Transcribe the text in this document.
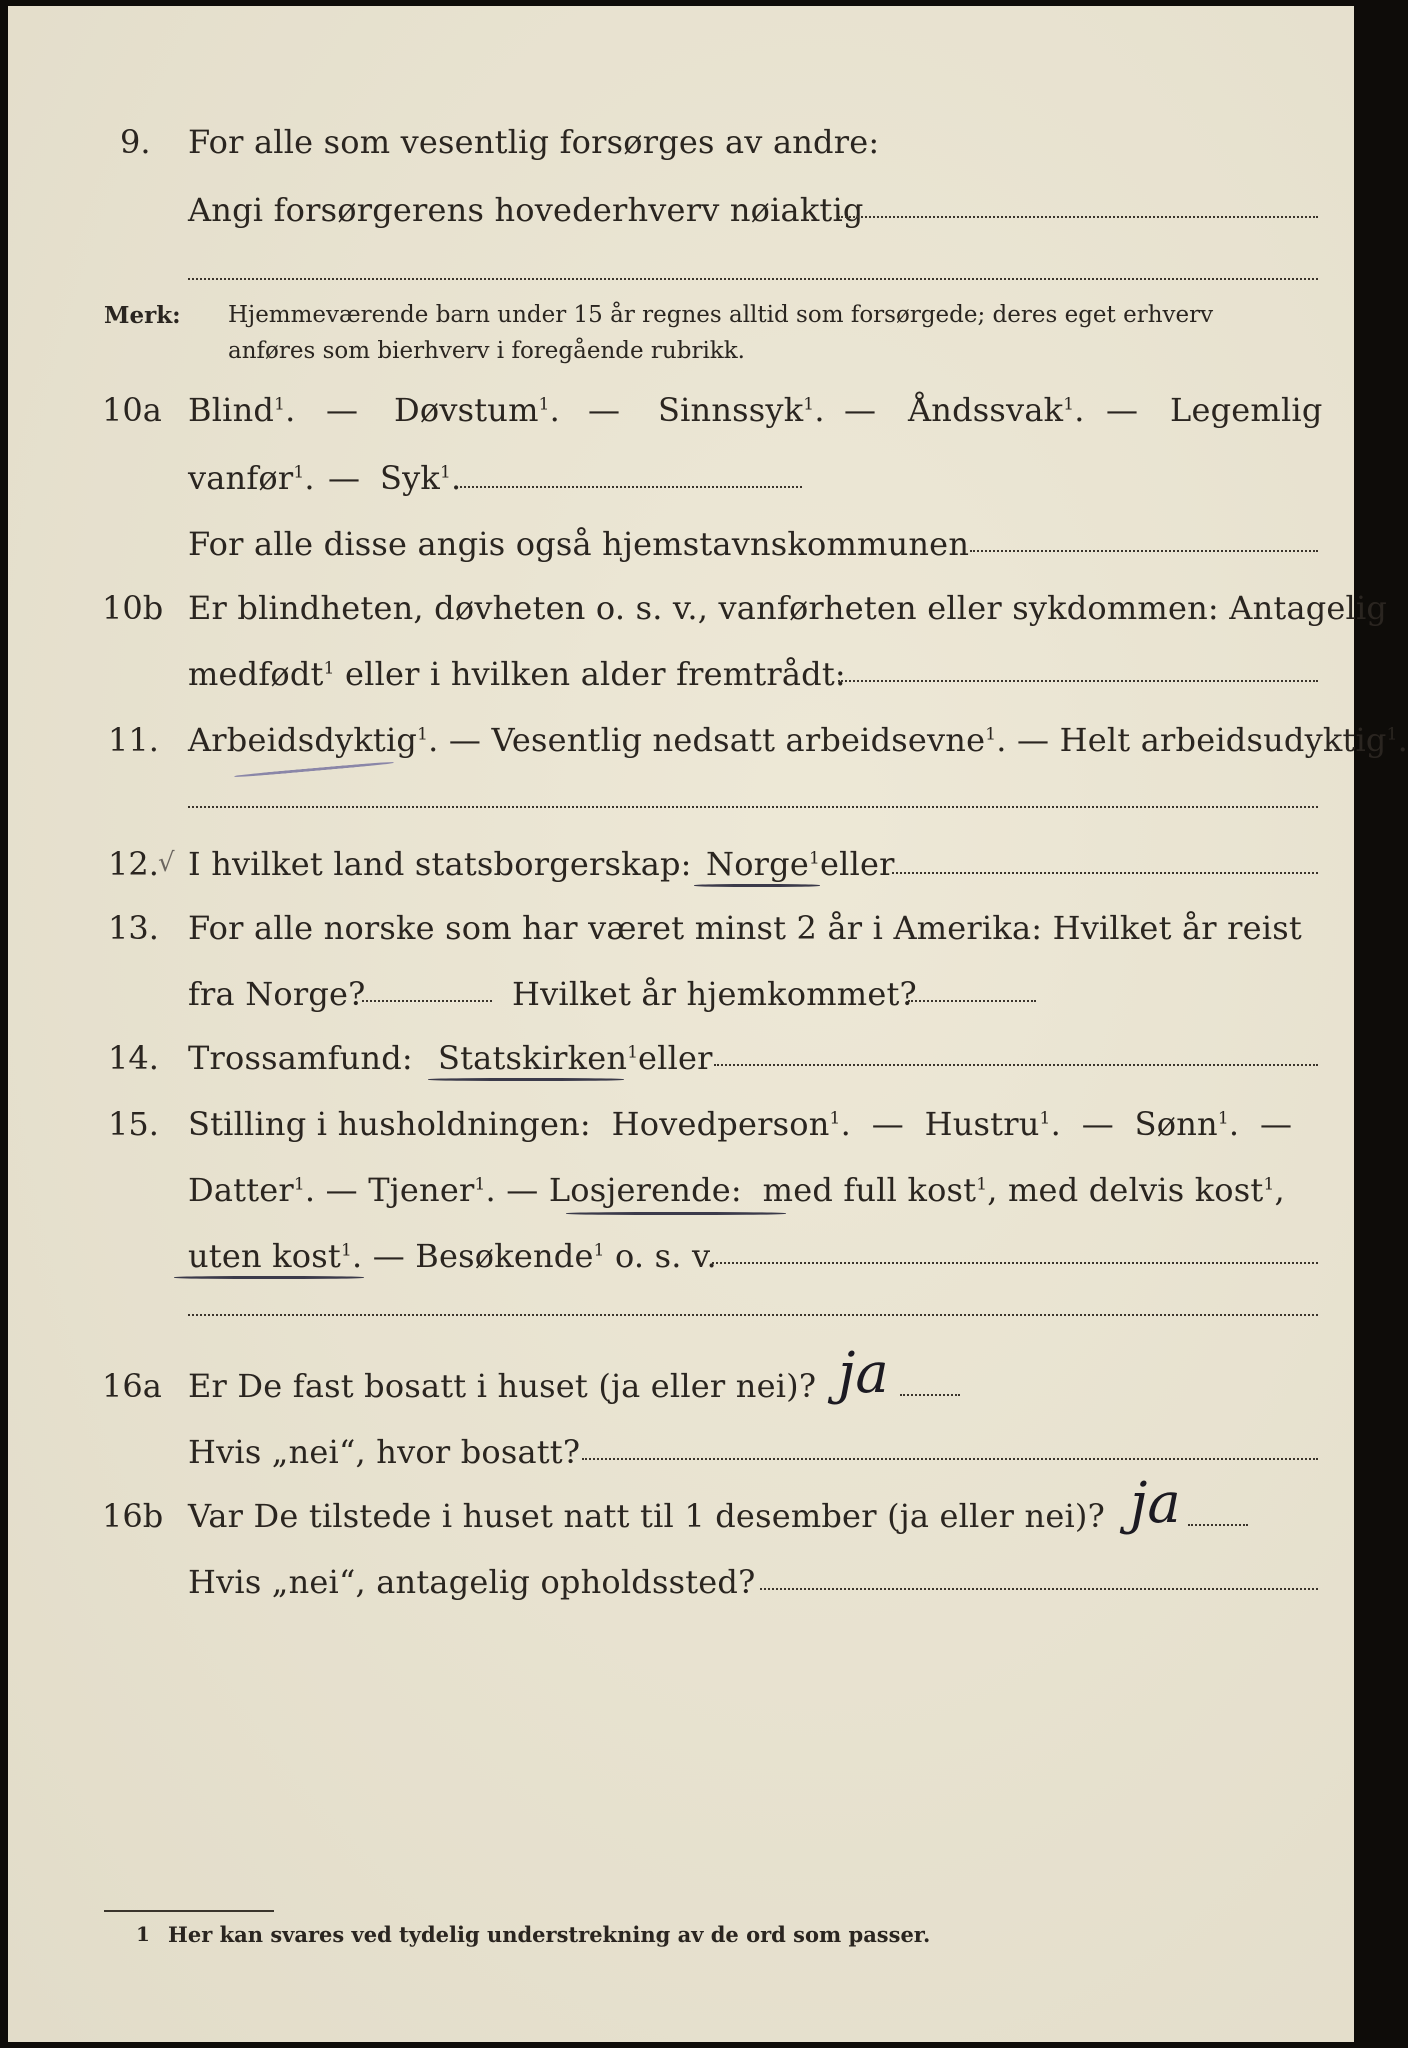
9. For alle som vesentlig forsørges av andre:
Angi forsørgerens hovederhverv nøiaktig
Merk: Hjemmeværende barn under 15 år regnes alltid som forsørgede; deres eget erhverv
anføres som bierhverv i foregående rubrikk.
10a Blind$^1$. — Døvstum$^1$. — Sinnssyk$^1$. — Åndssvak$^1$. — Legemlig
vanfør$^1$. — Syk$^1$.
For alle disse angis også hjemstavnskommunen
10b Er blindheten, døvheten o. s. v., vanførheten eller sykdommen: Antagelig
medfødt$^1$ eller i hvilken alder fremtrådt:
11. Arbeidsdyktig$^1$. — Vesentlig nedsatt arbeidsevne$^1$. — Helt arbeidsudyktig$^1$.
12. √ I hvilket land statsborgerskap: Norge$^1$ eller
13. For alle norske som har været minst 2 år i Amerika: Hvilket år reist
fra Norge?	Hvilket år hjemkommet?
14. Trossamfund: Statskirken$^1$ eller
15. Stilling i husholdningen: Hovedperson$^1$. — Hustru$^1$. — Sønn$^1$. —
Datter$^1$. — Tjener$^1$. — Losjerende: med full kost$^1$, med delvis kost$^1$,
uten kost$^1$. — Besøkende$^1$ o. s. v.
16a Er De fast bosatt i huset (ja eller nei)? ja
Hvis „nei“, hvor bosatt?
16b Var De tilstede i huset natt til 1 desember (ja eller nei)? ja
Hvis „nei“, antagelig opholdssted?
1 Her kan svares ved tydelig understrekning av de ord som passer.
